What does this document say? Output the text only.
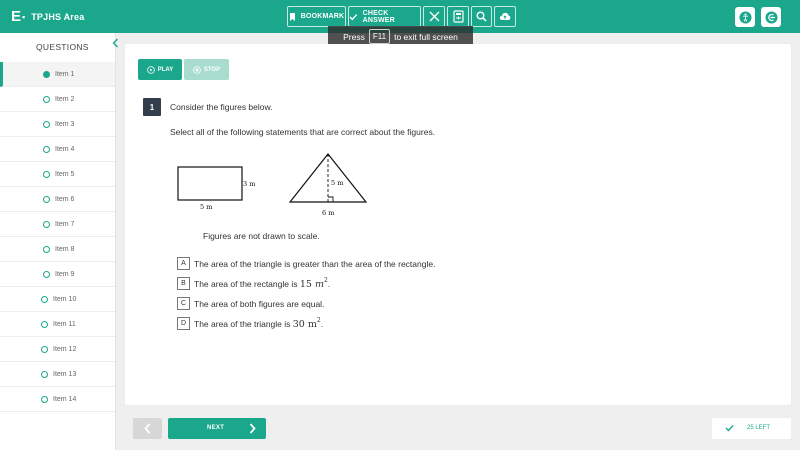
E ▪ TPJHS Area	BOOKMARK	CHECK ANSWER
Press	F11 to exit full screen
QUESTIONS
Item 1
Item 2
Item 3
Item 4
Item 5
Item 6
Item 7
Item 8
Item 9
Item 10
Item 11
Item 12
Item 13
Item 14
PLAY	STOP
1	Consider the figures below.
Select all of the following statements that are correct about the figures.
3 m
5 m
5 m
6 m
Figures are not drawn to scale.
A The area of the triangle is greater than the area of the rectangle.
B The area of the rectangle is 15 $m^2$.
C The area of both figures are equal.
D The area of the triangle is 30 $m^2$.
NEXT	25 LEFT
